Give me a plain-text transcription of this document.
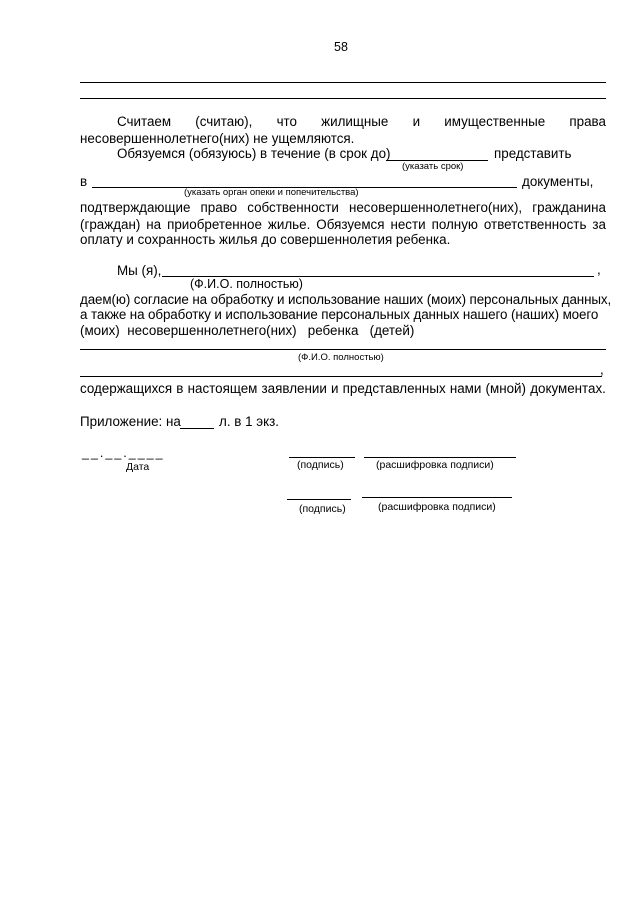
58
Считаем (считаю), что жилищные и имущественные права
несовершеннолетнего(них) не ущемляются.
Обязуемся (обязуюсь) в течение (в срок до)	представить
(указать срок)
в	документы,
(указать орган опеки и попечительства)
подтверждающие право собственности несовершеннолетнего(них), гражданина
(граждан) на приобретенное жилье. Обязуемся нести полную ответственность за
оплату и сохранность жилья до совершеннолетия ребенка.
Мы (я),	,
(Ф.И.О. полностью)
даем(ю) согласие на обработку и использование наших (моих) персональных данных,
а также на обработку и использование персональных данных нашего (наших) моего
(моих)  несовершеннолетнего(них)   ребенка   (детей)
(Ф.И.О. полностью)
,
содержащихся в настоящем заявлении и представленных нами (мной) документах.
Приложение: на	л. в 1 экз.
__.__.____
Дата	(подпись)	(расшифровка подписи)
(подпись)	(расшифровка подписи)
